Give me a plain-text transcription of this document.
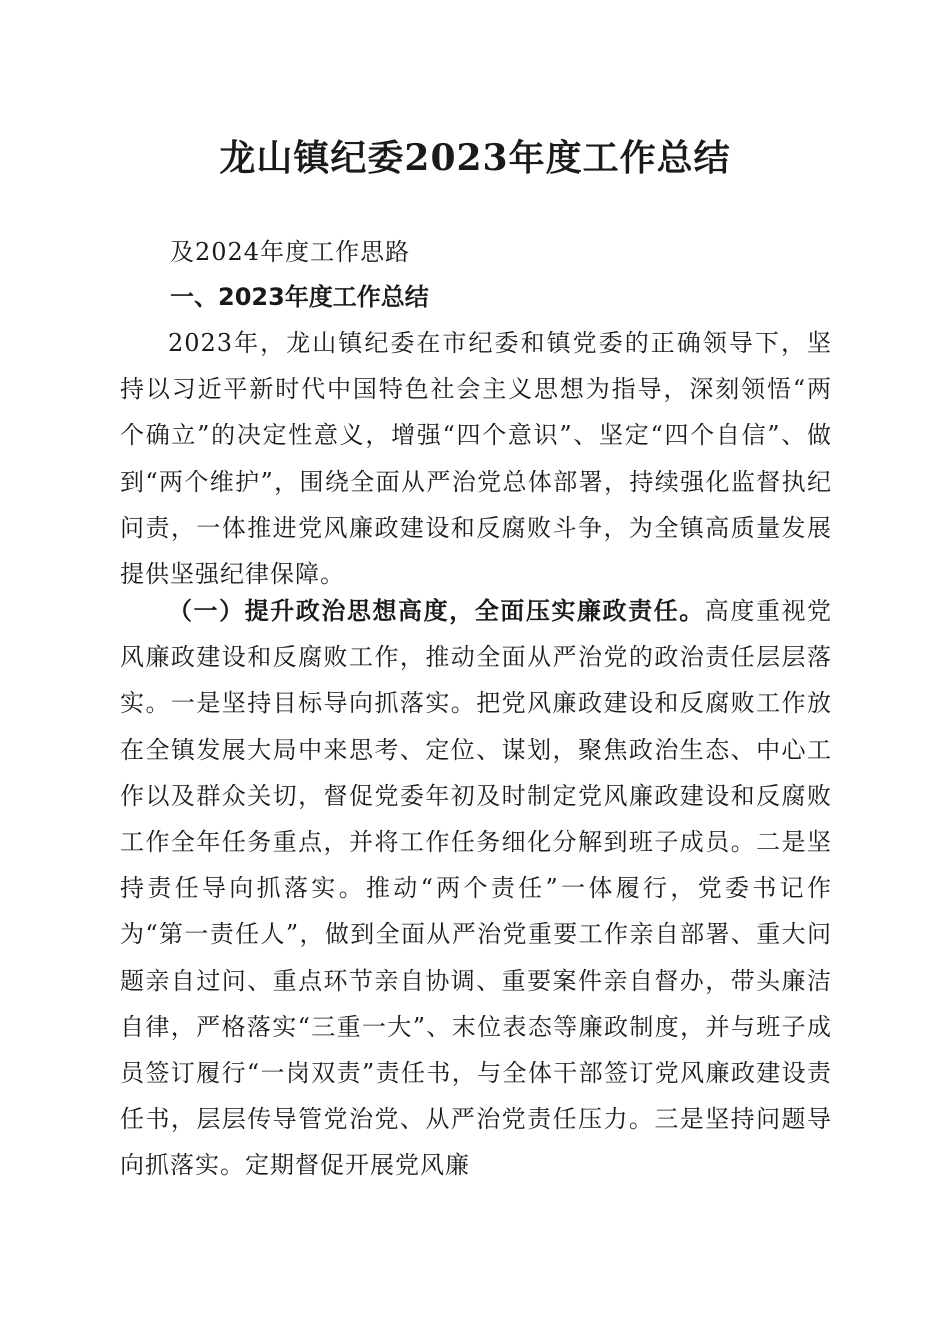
龙山镇纪委2023年度工作总结

及2024年度工作思路

一、2023年度工作总结

2023年，龙山镇纪委在市纪委和镇党委的正确领导下，坚持以习近平新时代中国特色社会主义思想为指导，深刻领悟“两个确立”的决定性意义，增强“四个意识”、坚定“四个自信”、做到“两个维护”，围绕全面从严治党总体部署，持续强化监督执纪问责，一体推进党风廉政建设和反腐败斗争，为全镇高质量发展提供坚强纪律保障。

（一）提升政治思想高度，全面压实廉政责任。高度重视党风廉政建设和反腐败工作，推动全面从严治党的政治责任层层落实。一是坚持目标导向抓落实。把党风廉政建设和反腐败工作放在全镇发展大局中来思考、定位、谋划，聚焦政治生态、中心工作以及群众关切，督促党委年初及时制定党风廉政建设和反腐败工作全年任务重点，并将工作任务细化分解到班子成员。二是坚持责任导向抓落实。推动“两个责任”一体履行，党委书记作为“第一责任人”，做到全面从严治党重要工作亲自部署、重大问题亲自过问、重点环节亲自协调、重要案件亲自督办，带头廉洁自律，严格落实“三重一大”、末位表态等廉政制度，并与班子成员签订履行“一岗双责”责任书，与全体干部签订党风廉政建设责任书，层层传导管党治党、从严治党责任压力。三是坚持问题导向抓落实。定期督促开展党风廉
